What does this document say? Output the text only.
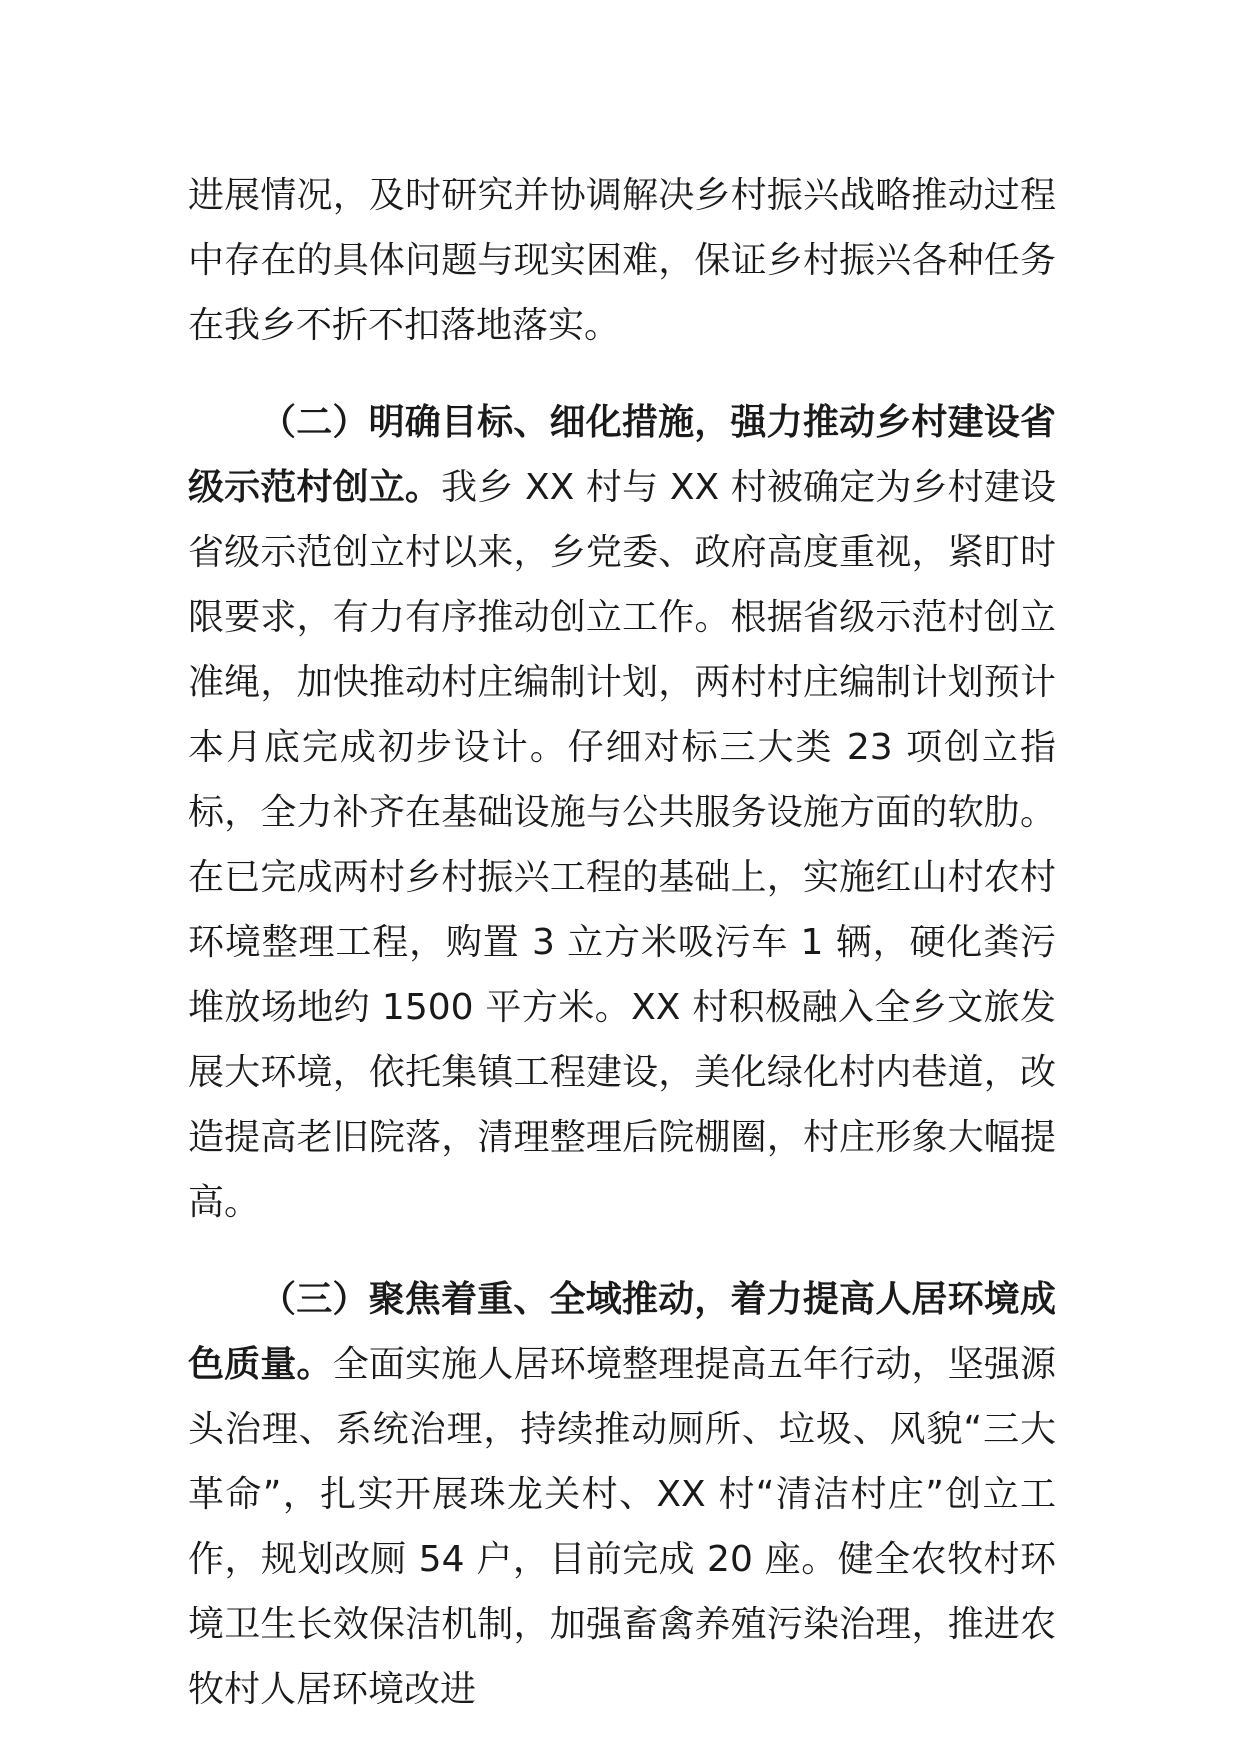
进展情况，及时研究并协调解决乡村振兴战略推动过程中存在的具体问题与现实困难，保证乡村振兴各种任务在我乡不折不扣落地落实。

（二）明确目标、细化措施，强力推动乡村建设省级示范村创立。我乡 XX 村与 XX 村被确定为乡村建设省级示范创立村以来，乡党委、政府高度重视，紧盯时限要求，有力有序推动创立工作。根据省级示范村创立准绳，加快推动村庄编制计划，两村村庄编制计划预计本月底完成初步设计。仔细对标三大类 23 项创立指标，全力补齐在基础设施与公共服务设施方面的软肋。在已完成两村乡村振兴工程的基础上，实施红山村农村环境整理工程，购置 3 立方米吸污车 1 辆，硬化粪污堆放场地约 1500 平方米。XX 村积极融入全乡文旅发展大环境，依托集镇工程建设，美化绿化村内巷道，改造提高老旧院落，清理整理后院棚圈，村庄形象大幅提高。

（三）聚焦着重、全域推动，着力提高人居环境成色质量。全面实施人居环境整理提高五年行动，坚强源头治理、系统治理，持续推动厕所、垃圾、风貌“三大革命”，扎实开展珠龙关村、XX 村“清洁村庄”创立工作，规划改厕 54 户，目前完成 20 座。健全农牧村环境卫生长效保洁机制，加强畜禽养殖污染治理，推进农牧村人居环境改进
